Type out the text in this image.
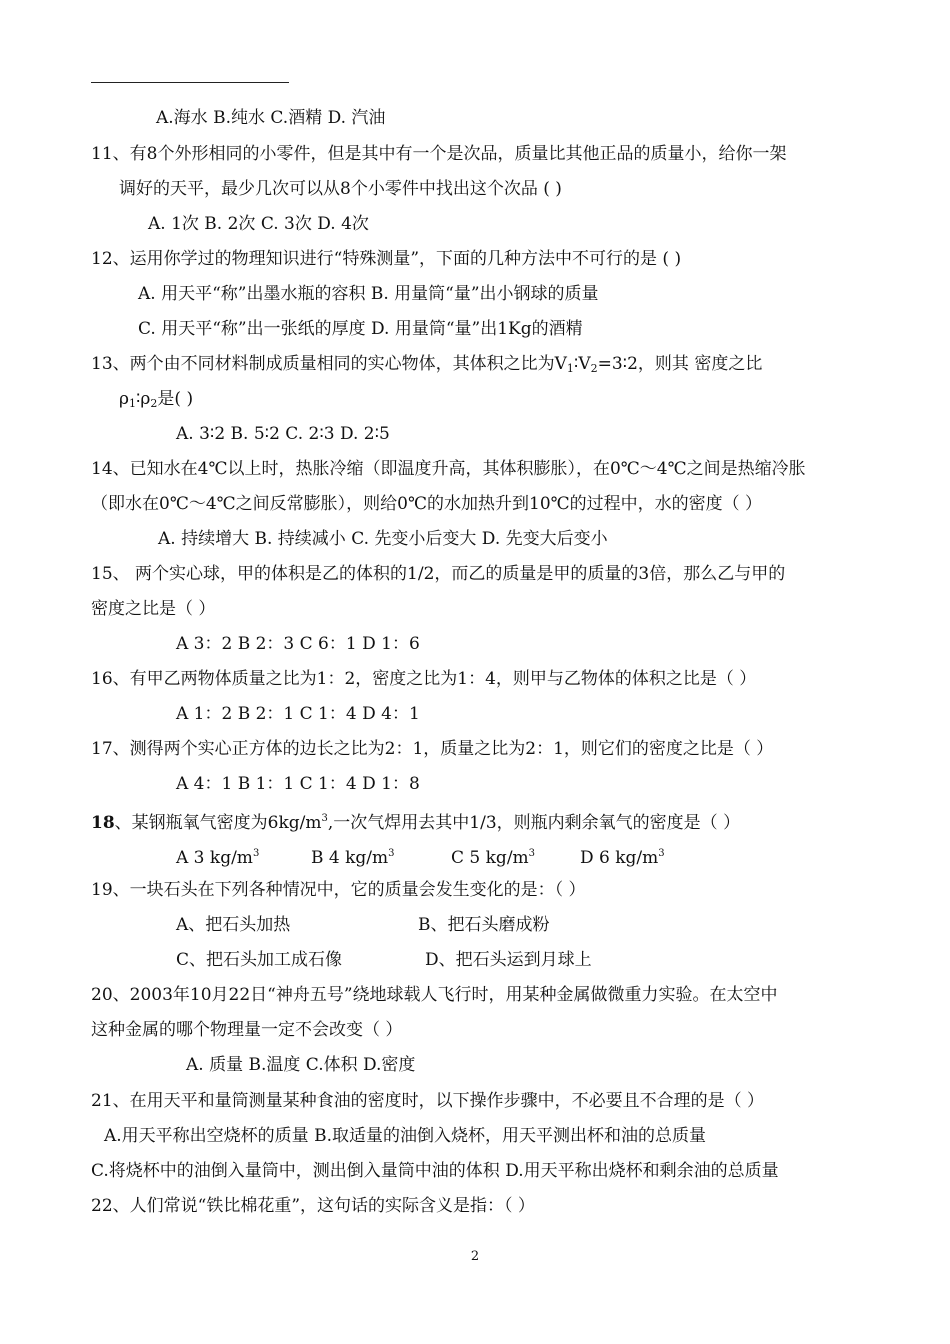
A.海水 B.纯水 C.酒精 D. 汽油
11、有8个外形相同的小零件，但是其中有一个是次品，质量比其他正品的质量小，给你一架
调好的天平，最少几次可以从8个小零件中找出这个次品 ( )
A. 1次 B. 2次 C. 3次 D. 4次
12、运用你学过的物理知识进行“特殊测量”，下面的几种方法中不可行的是 ( )
A. 用天平“称”出墨水瓶的容积 B. 用量筒“量”出小钢球的质量
C. 用天平“称”出一张纸的厚度 D. 用量筒“量”出1Kg的酒精
13、两个由不同材料制成质量相同的实心物体，其体积之比为$V_1∶V_2=3∶2$，则其 密度之比
$\rho_1∶\rho_2$是( )
A. 3∶2 B. 5∶2 C. 2∶3 D. 2∶5
14、已知水在4℃以上时，热胀冷缩（即温度升高，其体积膨胀），在0℃～4℃之间是热缩冷胀
（即水在0℃～4℃之间反常膨胀），则给0℃的水加热升到10℃的过程中，水的密度（ ）
A. 持续增大 B. 持续减小 C. 先变小后变大 D. 先变大后变小
15、 两个实心球，甲的体积是乙的体积的1/2，而乙的质量是甲的质量的3倍，那么乙与甲的
密度之比是（ ）
A 3：2 B 2：3 C 6：1 D 1：6
16、有甲乙两物体质量之比为1：2，密度之比为1：4，则甲与乙物体的体积之比是（ ）
A 1：2 B 2：1 C 1：4 D 4：1
17、测得两个实心正方体的边长之比为2：1，质量之比为2：1，则它们的密度之比是（ ）
A 4：1 B 1：1 C 1：4 D 1：8
18、某钢瓶氧气密度为$6kg/m^3$,一次气焊用去其中1/3，则瓶内剩余氧气的密度是（ ）
A 3 $kg/m^3$	B 4 $kg/m^3$	C 5 $kg/m^3$	D 6 $kg/m^3$
19、一块石头在下列各种情况中，它的质量会发生变化的是：（ ）
A、把石头加热	B、把石头磨成粉
C、把石头加工成石像	D、把石头运到月球上
20、2003年10月22日“神舟五号”绕地球载人飞行时，用某种金属做微重力实验。在太空中
这种金属的哪个物理量一定不会改变（ ）
A. 质量 B.温度 C.体积 D.密度
21、在用天平和量筒测量某种食油的密度时，以下操作步骤中，不必要且不合理的是（ ）
A.用天平称出空烧杯的质量 B.取适量的油倒入烧杯，用天平测出杯和油的总质量
C.将烧杯中的油倒入量筒中，测出倒入量筒中油的体积 D.用天平称出烧杯和剩余油的总质量
22、人们常说“铁比棉花重”，这句话的实际含义是指：（ ）
2
